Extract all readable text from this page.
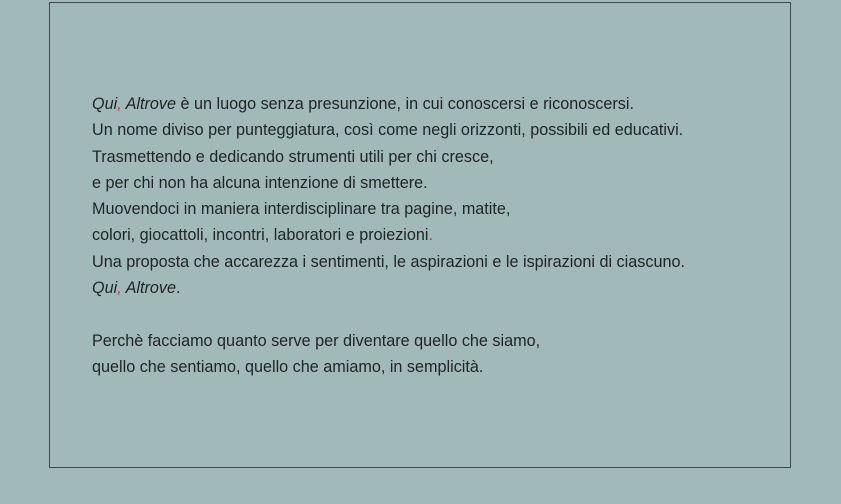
Qui, Altrove è un luogo senza presunzione, in cui conoscersi e riconoscersi.
Un nome diviso per punteggiatura, così come negli orizzonti, possibili ed educativi.
Trasmettendo e dedicando strumenti utili per chi cresce,
e per chi non ha alcuna intenzione di smettere.
Muovendoci in maniera interdisciplinare tra pagine, matite,
colori, giocattoli, incontri, laboratori e proiezioni.
Una proposta che accarezza i sentimenti, le aspirazioni e le ispirazioni di ciascuno.
Qui, Altrove.
Perchè facciamo quanto serve per diventare quello che siamo,
quello che sentiamo, quello che amiamo, in semplicità.
